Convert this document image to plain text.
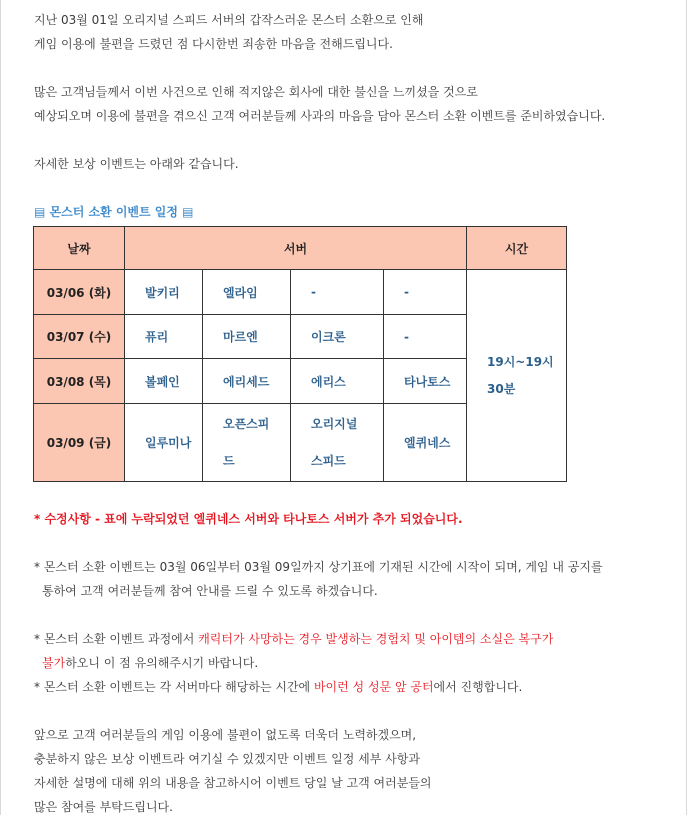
지난 03월 01일 오리지널 스피드 서버의 갑작스러운 몬스터 소환으로 인해
게임 이용에 불편을 드렸던 점 다시한번 죄송한 마음을 전해드립니다.
많은 고객님들께서 이번 사건으로 인해 적지않은 회사에 대한 불신을 느끼셨을 것으로
예상되오며 이용에 불편을 겪으신 고객 여러분들께 사과의 마음을 담아 몬스터 소환 이벤트를 준비하였습니다.
자세한 보상 이벤트는 아래와 같습니다.
▤ 몬스터 소환 이벤트 일정 ▤
날짜	서버				시간
03/06 (화)	발키리	엘라임	-	-	19시~19시
30분

03/07 (수)	퓨리	마르엔	이크론	-	
03/08 (목)	볼페인	에리세드	에리스	타나토스	
03/09 (금)	일루미나	오픈스피드	오리지널 스피드	엘퀴네스	
* 수정사항 - 표에 누락되었던 엘퀴네스 서버와 타나토스 서버가 추가 되었습니다.
* 몬스터 소환 이벤트는 03월 06일부터 03월 09일까지 상기표에 기재된 시간에 시작이 되며, 게임 내 공지를
통하여 고객 여러분들께 참여 안내를 드릴 수 있도록 하겠습니다.
* 몬스터 소환 이벤트 과정에서 캐릭터가 사망하는 경우 발생하는 경험치 및 아이템의 소실은 복구가
불가하오니 이 점 유의해주시기 바랍니다.
* 몬스터 소환 이벤트는 각 서버마다 해당하는 시간에 바이런 성 성문 앞 공터에서 진행합니다.
앞으로 고객 여러분들의 게임 이용에 불편이 없도록 더욱더 노력하겠으며,
충분하지 않은 보상 이벤트라 여기실 수 있겠지만 이벤트 일정 세부 사항과
자세한 설명에 대해 위의 내용을 참고하시어 이벤트 당일 날 고객 여러분들의
많은 참여를 부탁드립니다.
